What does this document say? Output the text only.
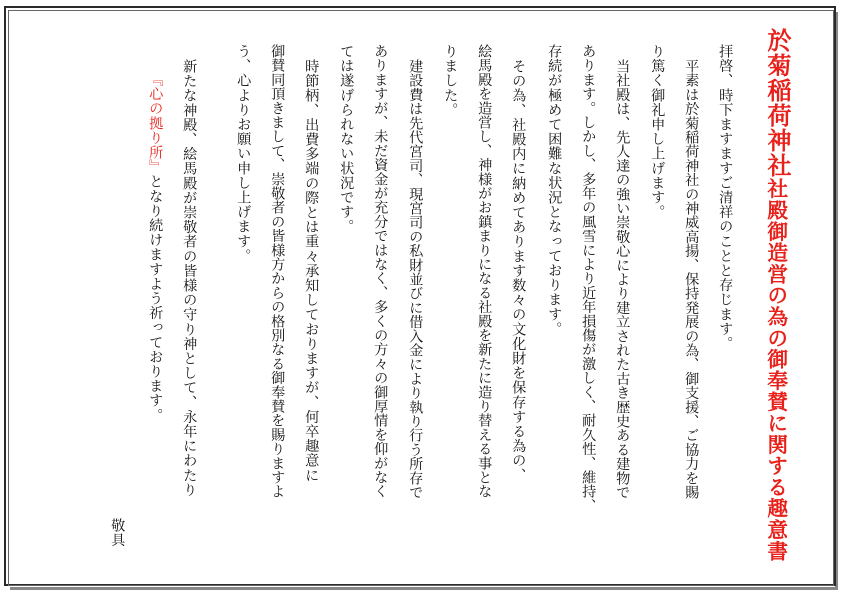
於菊稲荷神社
社殿御造営の為の御奉賛に関する趣意書
拝啓、時下ますますご清祥のことと存じます。
平素は於菊稲荷神社の神威高揚、保持発展の為、御支援、ご協力を賜
り篤く御礼申し上げます。
当社殿は、先人達の強い崇敬心により建立された古き歴史ある建物で
あります。しかし、多年の風雪により近年損傷が激しく、耐久性、維持、
存続が極めて困難な状況となっております。
その為、社殿内に納めてあります数々の文化財を保存する為の、
絵馬殿を造営し、神様がお鎮まりになる社殿を新たに造り替える事とな
りました。
建設費は先代宮司、現宮司の私財並びに借入金により執り行う所存で
ありますが、未だ資金が充分ではなく、多くの方々の御厚情を仰がなく
ては遂げられない状況です。
時節柄、出費多端の際とは重々承知しておりますが、何卒趣意に
御賛同頂きまして、崇敬者の皆様方からの格別なる御奉賛を賜りますよ
う、心よりお願い申し上げます。
新たな神殿、絵馬殿が崇敬者の皆様の守り神として、永年にわたり
『心の拠り所』となり続けますよう祈っております。
敬具
